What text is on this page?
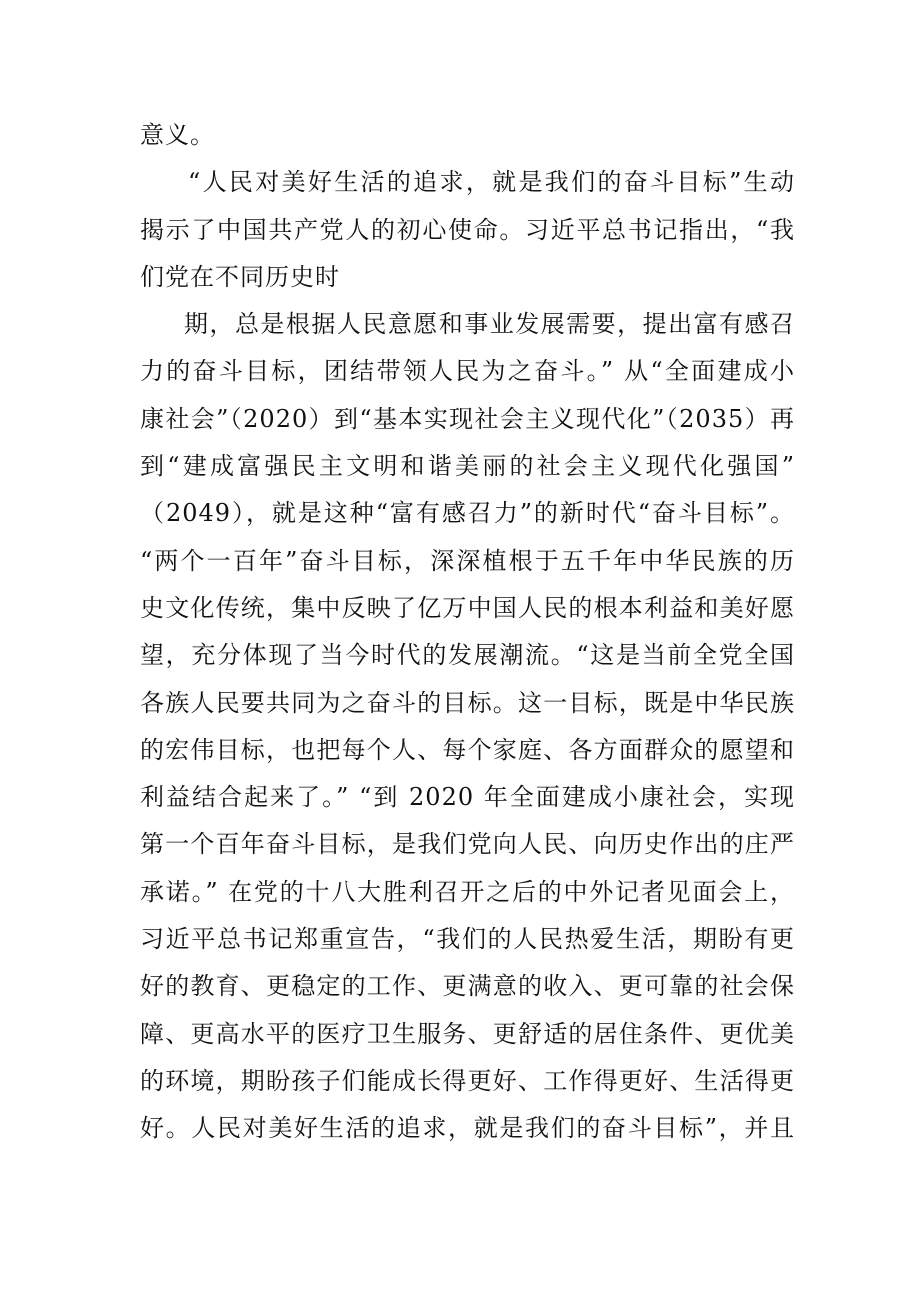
意义。
“人民对美好生活的追求，就是我们的奋斗目标”生动
揭示了中国共产党人的初心使命。习近平总书记指出，“我
们党在不同历史时
期，总是根据人民意愿和事业发展需要，提出富有感召
力的奋斗目标，团结带领人民为之奋斗。” 从“全面建成小
康社会”（2020）到“基本实现社会主义现代化”（2035）再
到“建成富强民主文明和谐美丽的社会主义现代化强国”
（2049），就是这种“富有感召力”的新时代“奋斗目标”。
“两个一百年”奋斗目标，深深植根于五千年中华民族的历
史文化传统，集中反映了亿万中国人民的根本利益和美好愿
望，充分体现了当今时代的发展潮流。“这是当前全党全国
各族人民要共同为之奋斗的目标。这一目标，既是中华民族
的宏伟目标，也把每个人、每个家庭、各方面群众的愿望和
利益结合起来了。” “到 2020 年全面建成小康社会，实现
第一个百年奋斗目标，是我们党向人民、向历史作出的庄严
承诺。” 在党的十八大胜利召开之后的中外记者见面会上，
习近平总书记郑重宣告，“我们的人民热爱生活，期盼有更
好的教育、更稳定的工作、更满意的收入、更可靠的社会保
障、更高水平的医疗卫生服务、更舒适的居住条件、更优美
的环境，期盼孩子们能成长得更好、工作得更好、生活得更
好。人民对美好生活的追求，就是我们的奋斗目标”，并且
